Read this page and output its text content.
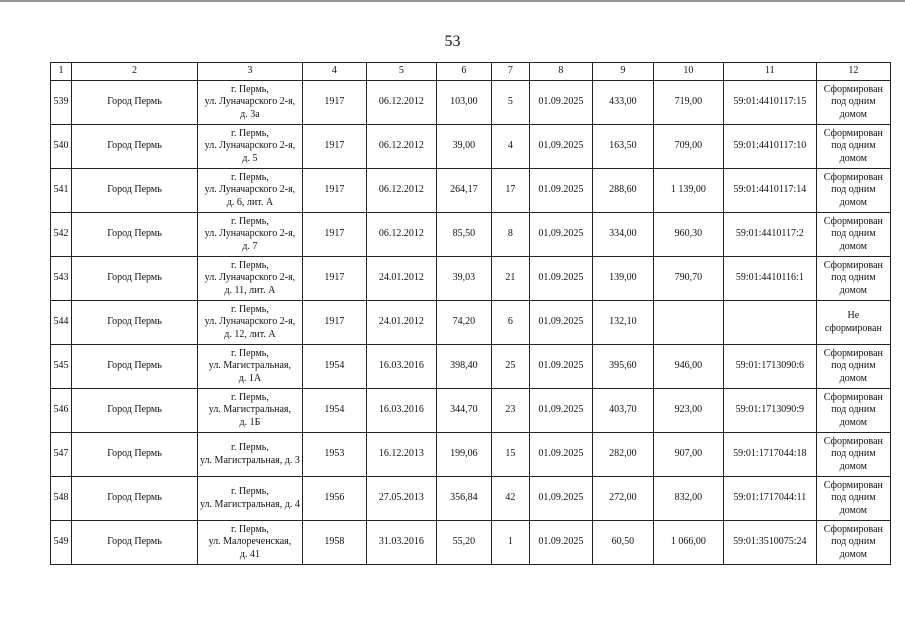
53
1	2	3	4	5	6	7	8	9	10	11	12
539	Город Пермь	г. Пермь,
ул. Луначарского 2-я,
д. 3а	1917	06.12.2012	103,00	5	01.09.2025	433,00	719,00	59:01:4410117:15	Сформирован
под одним
домом

540	Город Пермь	г. Пермь,
ул. Луначарского 2-я,
д. 5	1917	06.12.2012	39,00	4	01.09.2025	163,50	709,00	59:01:4410117:10	Сформирован
под одним
домом

541	Город Пермь	г. Пермь,
ул. Луначарского 2-я,
д. 6, лит. А	1917	06.12.2012	264,17	17	01.09.2025	288,60	1 139,00	59:01:4410117:14	Сформирован
под одним
домом

542	Город Пермь	г. Пермь,
ул. Луначарского 2-я,
д. 7	1917	06.12.2012	85,50	8	01.09.2025	334,00	960,30	59:01:4410117:2	Сформирован
под одним
домом

543	Город Пермь	г. Пермь,
ул. Луначарского 2-я,
д. 11, лит. А	1917	24.01.2012	39,03	21	01.09.2025	139,00	790,70	59:01:4410116:1	Сформирован
под одним
домом

544	Город Пермь	г. Пермь,
ул. Луначарского 2-я,
д. 12, лит. А	1917	24.01.2012	74,20	6	01.09.2025	132,10			Не
сформирован

545	Город Пермь	г. Пермь,
ул. Магистральная,
д. 1А	1954	16.03.2016	398,40	25	01.09.2025	395,60	946,00	59:01:1713090:6	Сформирован
под одним
домом

546	Город Пермь	г. Пермь,
ул. Магистральная,
д. 1Б	1954	16.03.2016	344,70	23	01.09.2025	403,70	923,00	59:01:1713090:9	Сформирован
под одним
домом

547	Город Пермь	г. Пермь,
ул. Магистральная, д. 3	1953	16.12.2013	199,06	15	01.09.2025	282,00	907,00	59:01:1717044:18	Сформирован
под одним
домом

548	Город Пермь	г. Пермь,
ул. Магистральная, д. 4	1956	27.05.2013	356,84	42	01.09.2025	272,00	832,00	59:01:1717044:11	Сформирован
под одним
домом

549	Город Пермь	г. Пермь,
ул. Малореченская,
д. 41	1958	31.03.2016	55,20	1	01.09.2025	60,50	1 066,00	59:01:3510075:24	Сформирован
под одним
домом
